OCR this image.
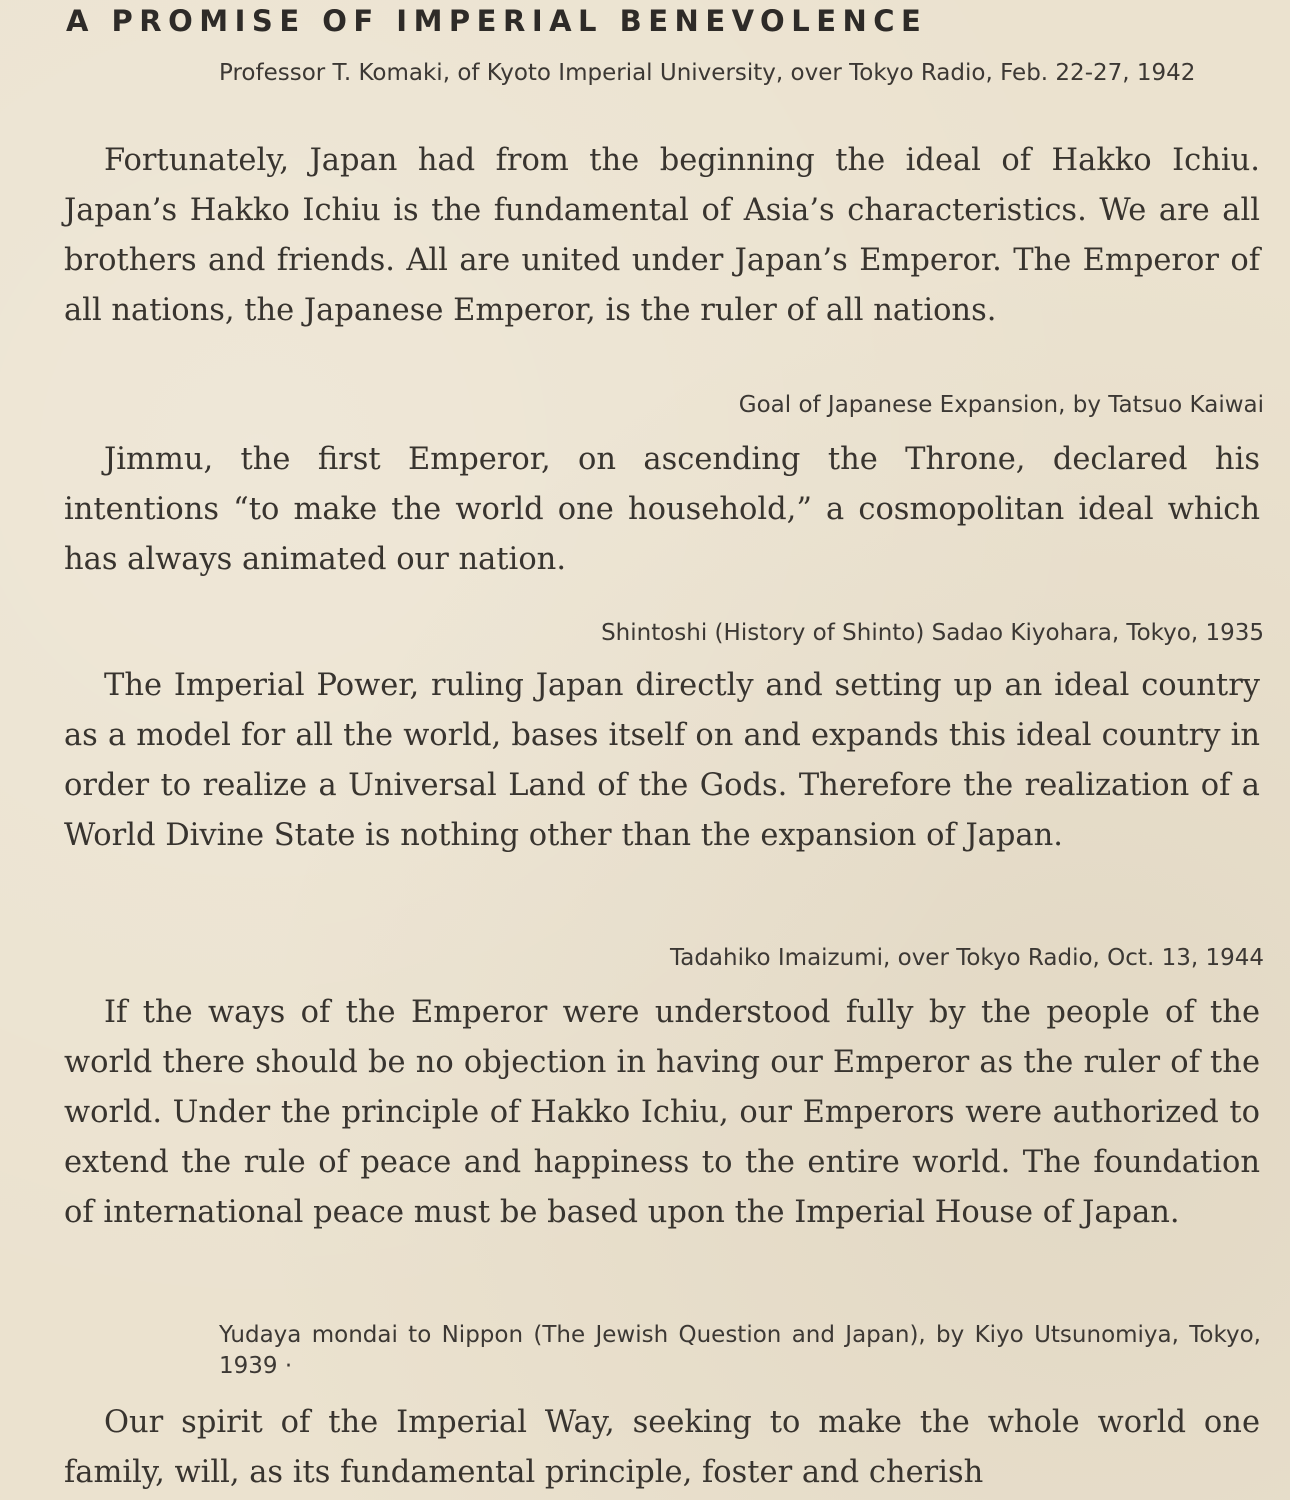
A PROMISE OF IMPERIAL BENEVOLENCE

Professor T. Komaki, of Kyoto Imperial University, over Tokyo Radio, Feb. 22-27, 1942

Fortunately, Japan had from the beginning the ideal of Hakko Ichiu. Japan’s Hakko Ichiu is the fundamental of Asia’s characteristics. We are all brothers and friends. All are united under Japan’s Emperor. The Emperor of all nations, the Japanese Emperor, is the ruler of all nations.

Goal of Japanese Expansion, by Tatsuo Kaiwai

Jimmu, the first Emperor, on ascending the Throne, declared his intentions “to make the world one household,” a cosmopolitan ideal which has always animated our nation.

Shintoshi (History of Shinto) Sadao Kiyohara, Tokyo, 1935

The Imperial Power, ruling Japan directly and setting up an ideal country as a model for all the world, bases itself on and expands this ideal country in order to realize a Universal Land of the Gods. Therefore the realization of a World Divine State is nothing other than the expansion of Japan.

Tadahiko Imaizumi, over Tokyo Radio, Oct. 13, 1944

If the ways of the Emperor were understood fully by the people of the world there should be no objection in having our Emperor as the ruler of the world. Under the principle of Hakko Ichiu, our Emperors were authorized to extend the rule of peace and happiness to the entire world. The foundation of international peace must be based upon the Imperial House of Japan.

Yudaya mondai to Nippon (The Jewish Question and Japan), by Kiyo Utsunomiya, Tokyo, 1939 ·

Our spirit of the Imperial Way, seeking to make the whole world one family, will, as its fundamental principle, foster and cherish
